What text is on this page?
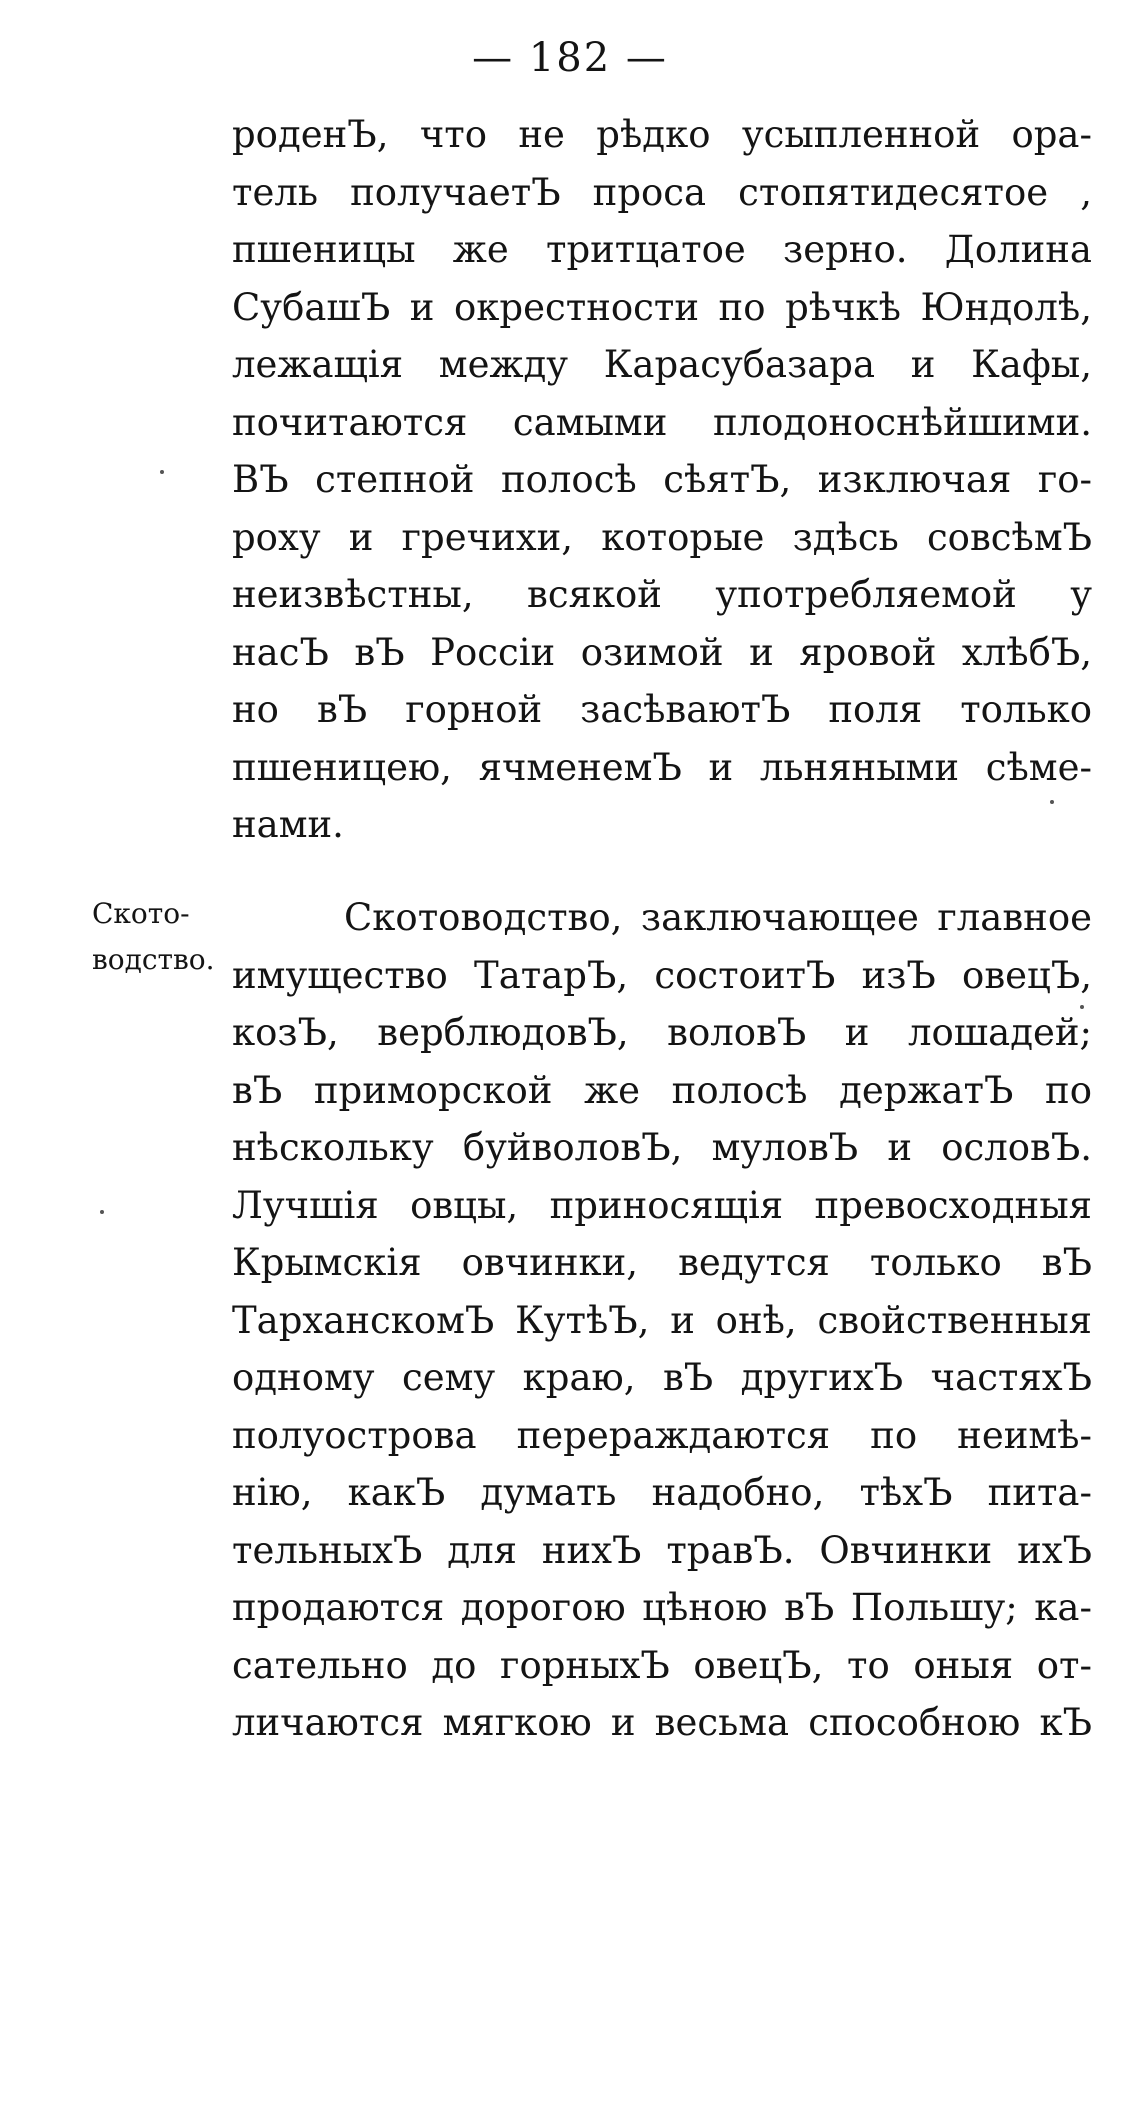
— 182 —
роденЪ, что не рѣдко усыпленной ора-
тель получаетЪ проса стопятидесятое ,
пшеницы же тритцатое зерно. Долина
СубашЪ и окрестности по рѣчкѣ Юндолѣ,
лежащія между Карасубазара и Кафы,
почитаются самыми плодоноснѣйшими.
ВЪ степной полосѣ сѣятЪ, изключая го-
роху и гречихи, которые здѣсь совсѣмЪ
неизвѣстны, всякой употребляемой у
насЪ вЪ Россіи озимой и яровой хлѣбЪ,
но вЪ горной засѣваютЪ поля только
пшеницею, ячменемЪ и льняными сѣме-
нами.
Ското-
водство.
Скотоводство, заключающее главное
имущество ТатарЪ, состоитЪ изЪ овецЪ,
козЪ, верблюдовЪ, воловЪ и лошадей;
вЪ приморской же полосѣ держатЪ по
нѣскольку буйволовЪ, муловЪ и ословЪ.
Лучшія овцы, приносящія превосходныя
Крымскія овчинки, ведутся только вЪ
ТарханскомЪ КутѣЪ, и онѣ, свойственныя
одному сему краю, вЪ другихЪ частяхЪ
полуострова перераждаются по неимѣ-
нію, какЪ думать надобно, тѣхЪ пита-
тельныхЪ для нихЪ травЪ. Овчинки ихЪ
продаются дорогою цѣною вЪ Польшу; ка-
сательно до горныхЪ овецЪ, то оныя от-
личаются мягкою и весьма способною кЪ
